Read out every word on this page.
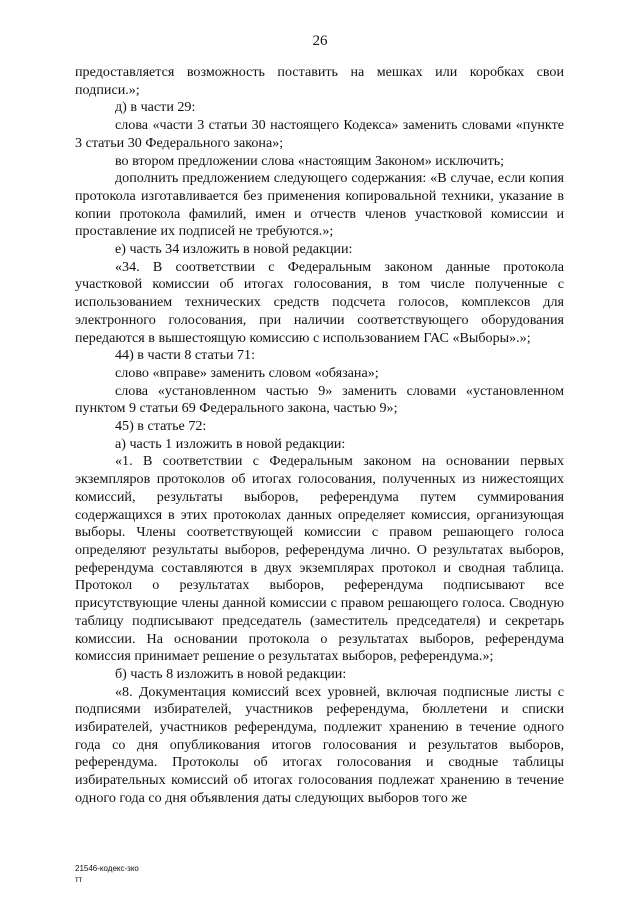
26

предоставляется возможность поставить на мешках или коробках свои подписи.»;

д) в части 29:

слова «части 3 статьи 30 настоящего Кодекса» заменить словами «пункте 3 статьи 30 Федерального закона»;

во втором предложении слова «настоящим Законом» исключить;

дополнить предложением следующего содержания: «В случае, если копия протокола изготавливается без применения копировальной техники, указание в копии протокола фамилий, имен и отчеств членов участковой комиссии и проставление их подписей не требуются.»;

е) часть 34 изложить в новой редакции:

«34. В соответствии с Федеральным законом данные протокола участковой комиссии об итогах голосования, в том числе полученные с использованием технических средств подсчета голосов, комплексов для электронного голосования, при наличии соответствующего оборудования передаются в вышестоящую комиссию с использованием ГАС «Выборы».»;

44) в части 8 статьи 71:

слово «вправе» заменить словом «обязана»;

слова «установленном частью 9» заменить словами «установленном пунктом 9 статьи 69 Федерального закона, частью 9»;

45) в статье 72:

а) часть 1 изложить в новой редакции:

«1. В соответствии с Федеральным законом на основании первых экземпляров протоколов об итогах голосования, полученных из нижестоящих комиссий, результаты выборов, референдума путем суммирования содержащихся в этих протоколах данных определяет комиссия, организующая выборы. Члены соответствующей комиссии с правом решающего голоса определяют результаты выборов, референдума лично. О результатах выборов, референдума составляются в двух экземплярах протокол и сводная таблица. Протокол о результатах выборов, референдума подписывают все присутствующие члены данной комиссии с правом решающего голоса. Сводную таблицу подписывают председатель (заместитель председателя) и секретарь комиссии. На основании протокола о результатах выборов, референдума комиссия принимает решение о результатах выборов, референдума.»;

б) часть 8 изложить в новой редакции:

«8. Документация комиссий всех уровней, включая подписные листы с подписями избирателей, участников референдума, бюллетени и списки избирателей, участников референдума, подлежит хранению в течение одного года со дня опубликования итогов голосования и результатов выборов, референдума. Протоколы об итогах голосования и сводные таблицы избирательных комиссий об итогах голосования подлежат хранению в течение одного года со дня объявления даты следующих выборов того же

21546-кодекс-зко
тт
